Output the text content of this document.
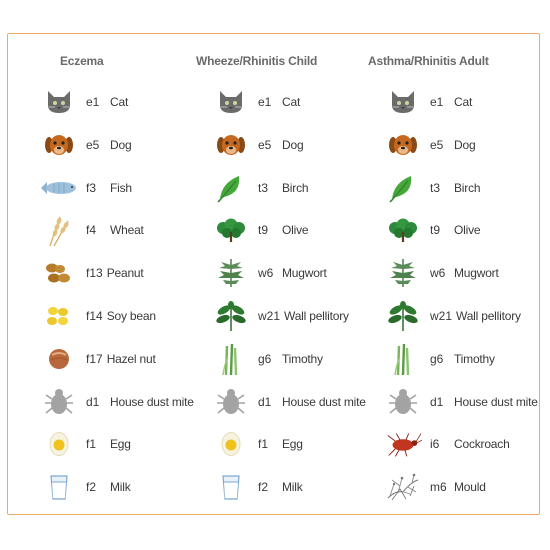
Eczema
e1 Cat
e5 Dog
f3	Fish
f4	Wheat
f13 Peanut
f14 Soy bean
f17 Hazel nut
d1 House dust mite
f1	Egg
f2	Milk
Wheeze/Rhinitis Child
e1 Cat
e5 Dog
t3	Birch
t9	Olive
w6 Mugwort
w21 Wall pellitory
g6 Timothy
d1 House dust mite
f1	Egg
f2	Milk
Asthma/Rhinitis Adult
e1 Cat
e5 Dog
t3	Birch
t9	Olive
w6 Mugwort
w21 Wall pellitory
g6 Timothy
d1 House dust mite
i6	Cockroach
m6 Mould
